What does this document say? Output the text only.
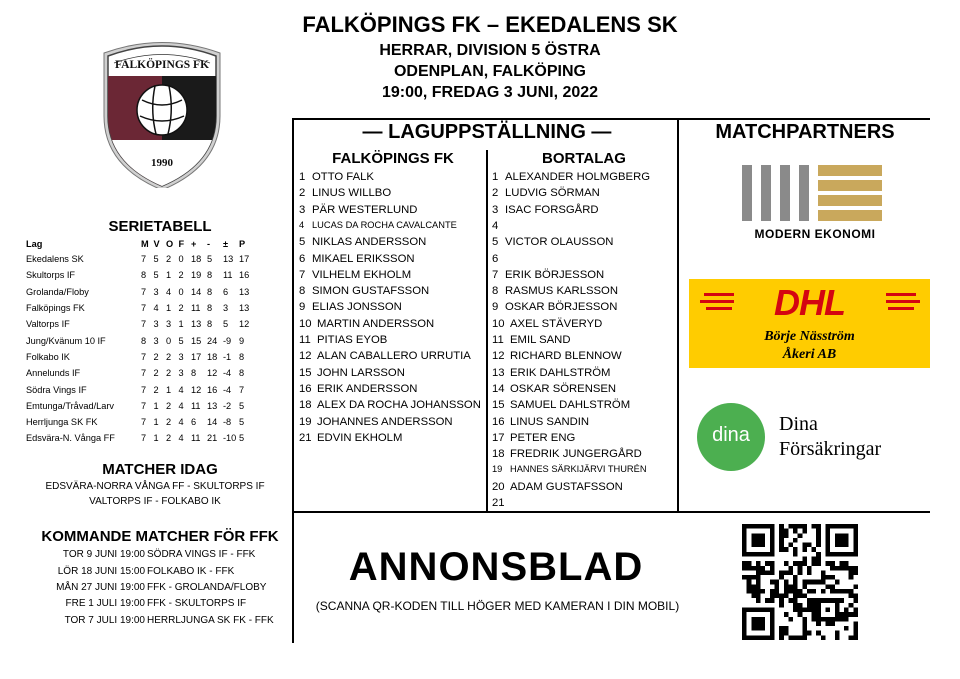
FALKÖPINGS FK – EKEDALENS SK
HERRAR, DIVISION 5 ÖSTRA
ODENPLAN, FALKÖPING
19:00, FREDAG 3 JUNI, 2022
FALKÖPINGS FK
1990
SERIETABELL
Lag	M	V	O	F	+	-	±	P
Ekedalens SK	7	5	2	0	18	5	13	17
Skultorps IF	8	5	1	2	19	8	11	16
Grolanda/Floby	7	3	4	0	14	8	6	13
Falköpings FK	7	4	1	2	11	8	3	13
Valtorps IF	7	3	3	1	13	8	5	12
Jung/Kvänum 10 IF	8	3	0	5	15	24	-9	9
Folkabo IK	7	2	2	3	17	18	-1	8
Annelunds IF	7	2	2	3	8	12	-4	8
Södra Vings IF	7	2	1	4	12	16	-4	7
Emtunga/Tråvad/Larv	7	1	2	4	11	13	-2	5
Herrljunga SK FK	7	1	2	4	6	14	-8	5
Edsvära-N. Vånga FF	7	1	2	4	11	21	-10	5
MATCHER IDAG
EDSVÄRA-NORRA VÅNGA FF - SKULTORPS IF
VALTORPS IF - FOLKABO IK
KOMMANDE MATCHER FÖR FFK
TOR 9 JUNI 19:00 SÖDRA VINGS IF - FFK
LÖR 18 JUNI 15:00 FOLKABO IK - FFK
MÅN 27 JUNI 19:00 FFK - GROLANDA/FLOBY
FRE 1 JULI 19:00 FFK - SKULTORPS IF
TOR 7 JULI 19:00 HERRLJUNGA SK FK - FFK
— LAGUPPSTÄLLNING —
FALKÖPINGS FK	BORTALAG
1 OTTO FALK
2 LINUS WILLBO
3 PÄR WESTERLUND
4 LUCAS DA ROCHA CAVALCANTE
5 NIKLAS ANDERSSON
6 MIKAEL ERIKSSON
7 VILHELM EKHOLM
8 SIMON GUSTAFSSON
9 ELIAS JONSSON
10 MARTIN ANDERSSON
11 PITIAS EYOB
12 ALAN CABALLERO URRUTIA
15 JOHN LARSSON
16 ERIK ANDERSSON
18 ALEX DA ROCHA JOHANSSON
19 JOHANNES ANDERSSON
21 EDVIN EKHOLM
1 ALEXANDER HOLMGBERG
2 LUDVIG SÖRMAN
3 ISAC FORSGÅRD
4
5 VICTOR OLAUSSON
6
7 ERIK BÖRJESSON
8 RASMUS KARLSSON
9 OSKAR BÖRJESSON
10 AXEL STÄVERYD
11 EMIL SAND
12 RICHARD BLENNOW
13 ERIK DAHLSTRÖM
14 OSKAR SÖRENSEN
15 SAMUEL DAHLSTRÖM
16 LINUS SANDIN
17 PETER ENG
18 FREDRIK JUNGERGÅRD
19 HANNES SÄRKIJÄRVI THURÉN
20 ADAM GUSTAFSSON
21
MATCHPARTNERS
MODERN EKONOMI
DHL
Börje Näsström
Åkeri AB
dina	Dina
Försäkringar
ANNONSBLAD
(SCANNA QR-KODEN TILL HÖGER MED KAMERAN I DIN MOBIL)
